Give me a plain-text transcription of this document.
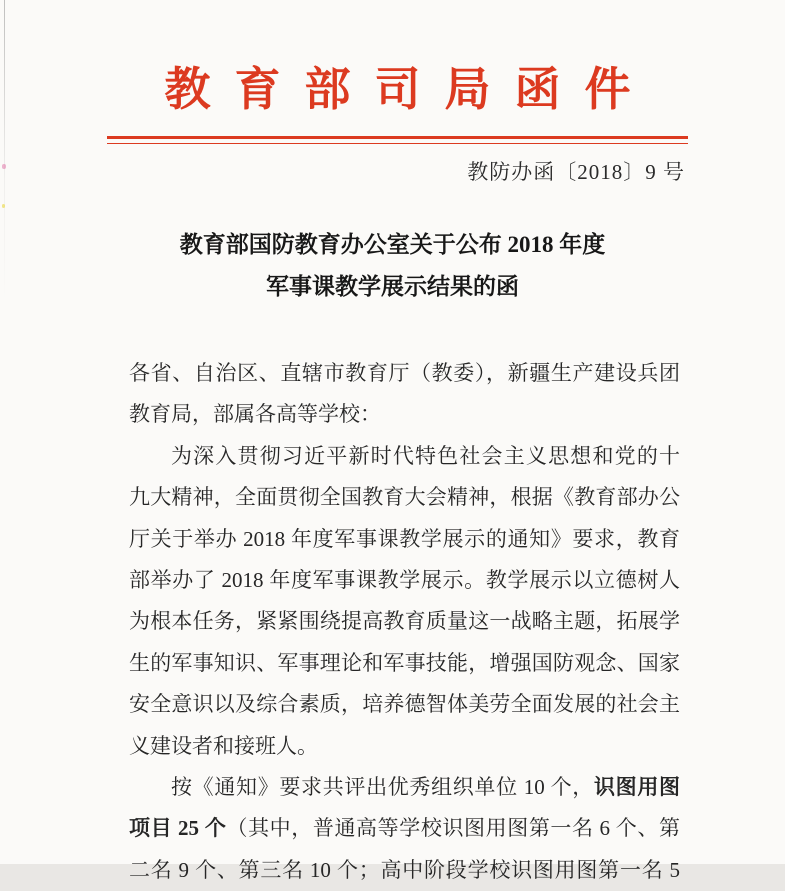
教育部司局函件
教防办函〔2018〕9 号
教育部国防教育办公室关于公布 2018 年度
军事课教学展示结果的函
各省、自治区、直辖市教育厅（教委），新疆生产建设兵团
教育局，部属各高等学校：
为深入贯彻习近平新时代特色社会主义思想和党的十
九大精神，全面贯彻全国教育大会精神，根据《教育部办公
厅关于举办 2018 年度军事课教学展示的通知》要求，教育
部举办了 2018 年度军事课教学展示。教学展示以立德树人
为根本任务，紧紧围绕提高教育质量这一战略主题，拓展学
生的军事知识、军事理论和军事技能，增强国防观念、国家
安全意识以及综合素质，培养德智体美劳全面发展的社会主
义建设者和接班人。
按《通知》要求共评出优秀组织单位 10 个，识图用图
项目 25 个（其中，普通高等学校识图用图第一名 6 个、第
二名 9 个、第三名 10 个；高中阶段学校识图用图第一名 5
